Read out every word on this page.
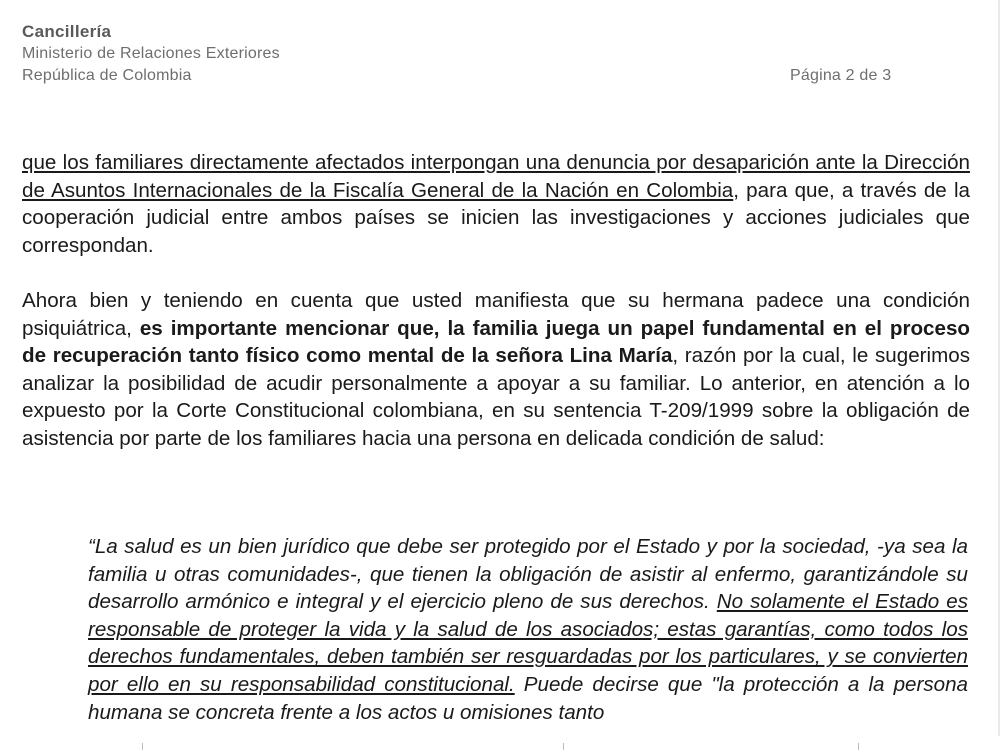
Cancillería
Ministerio de Relaciones Exteriores
República de Colombia	Página 2 de 3
que los familiares directamente afectados interpongan una denuncia por desaparición ante la Dirección de Asuntos Internacionales de la Fiscalía General de la Nación en Colombia, para que, a través de la cooperación judicial entre ambos países se inicien las investigaciones y acciones judiciales que correspondan.
Ahora bien y teniendo en cuenta que usted manifiesta que su hermana padece una condición psiquiátrica, es importante mencionar que, la familia juega un papel fundamental en el proceso de recuperación tanto físico como mental de la señora Lina María, razón por la cual, le sugerimos analizar la posibilidad de acudir personalmente a apoyar a su familiar. Lo anterior, en atención a lo expuesto por la Corte Constitucional colombiana, en su sentencia T-209/1999 sobre la obligación de asistencia por parte de los familiares hacia una persona en delicada condición de salud:
“La salud es un bien jurídico que debe ser protegido por el Estado y por la sociedad, -ya sea la familia u otras comunidades-, que tienen la obligación de asistir al enfermo, garantizándole su desarrollo armónico e integral y el ejercicio pleno de sus derechos. No solamente el Estado es responsable de proteger la vida y la salud de los asociados; estas garantías, como todos los derechos fundamentales, deben también ser resguardadas por los particulares, y se convierten por ello en su responsabilidad constitucional. Puede decirse que "la protección a la persona humana se concreta frente a los actos u omisiones tanto
